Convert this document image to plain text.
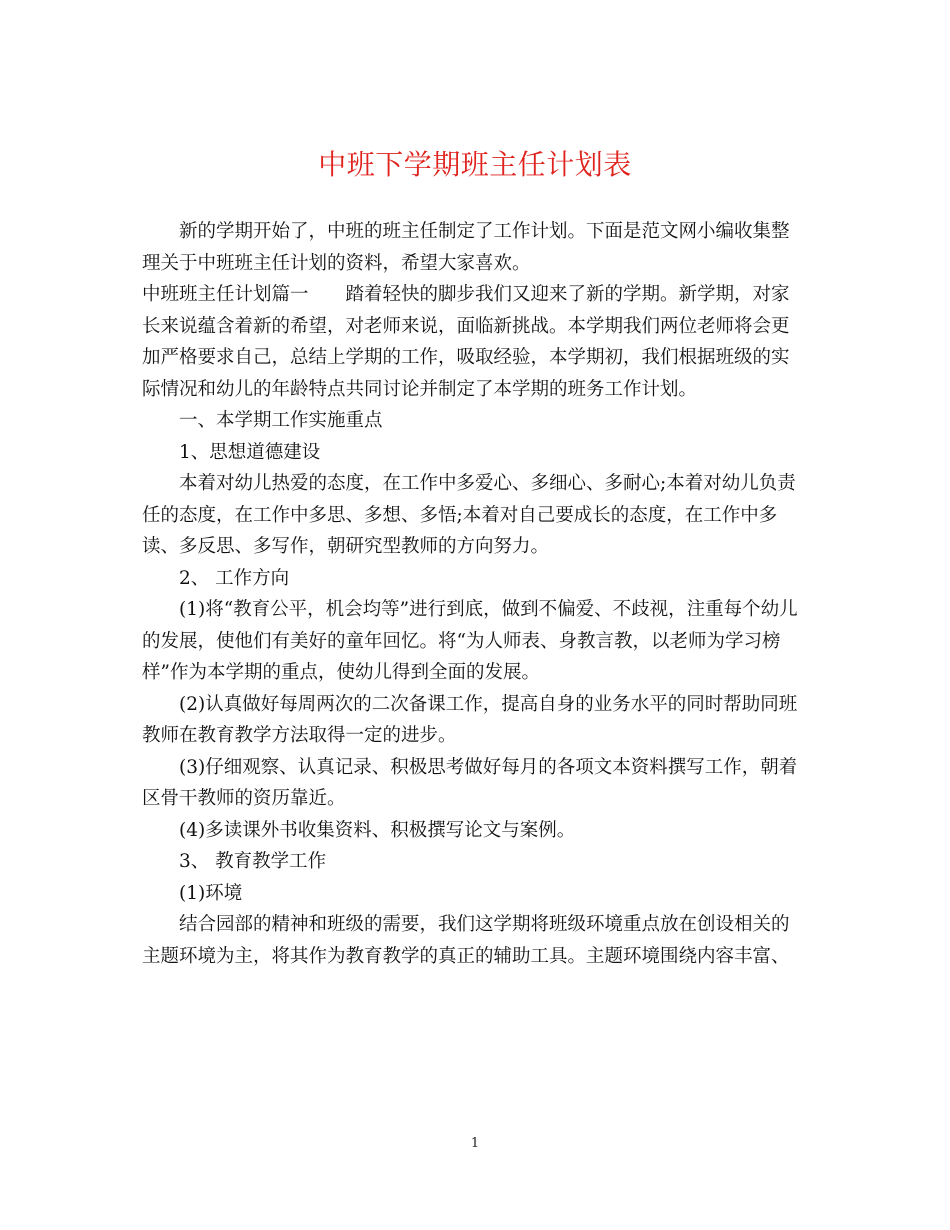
中班下学期班主任计划表

新的学期开始了，中班的班主任制定了工作计划。下面是范文网小编收集整理关于中班班主任计划的资料，希望大家喜欢。

中班班主任计划篇一　　踏着轻快的脚步我们又迎来了新的学期。新学期，对家长来说蕴含着新的希望，对老师来说，面临新挑战。本学期我们两位老师将会更加严格要求自己，总结上学期的工作，吸取经验，本学期初，我们根据班级的实际情况和幼儿的年龄特点共同讨论并制定了本学期的班务工作计划。

一、本学期工作实施重点

1、思想道德建设

本着对幼儿热爱的态度，在工作中多爱心、多细心、多耐心;本着对幼儿负责任的态度，在工作中多思、多想、多悟;本着对自己要成长的态度，在工作中多读、多反思、多写作，朝研究型教师的方向努力。

2、 工作方向

(1)将“教育公平，机会均等”进行到底，做到不偏爱、不歧视，注重每个幼儿的发展，使他们有美好的童年回忆。将“为人师表、身教言教，以老师为学习榜样”作为本学期的重点，使幼儿得到全面的发展。

(2)认真做好每周两次的二次备课工作，提高自身的业务水平的同时帮助同班教师在教育教学方法取得一定的进步。

(3)仔细观察、认真记录、积极思考做好每月的各项文本资料撰写工作，朝着区骨干教师的资历靠近。

(4)多读课外书收集资料、积极撰写论文与案例。

3、 教育教学工作

(1)环境

结合园部的精神和班级的需要，我们这学期将班级环境重点放在创设相关的主题环境为主，将其作为教育教学的真正的辅助工具。主题环境围绕内容丰富、

1
